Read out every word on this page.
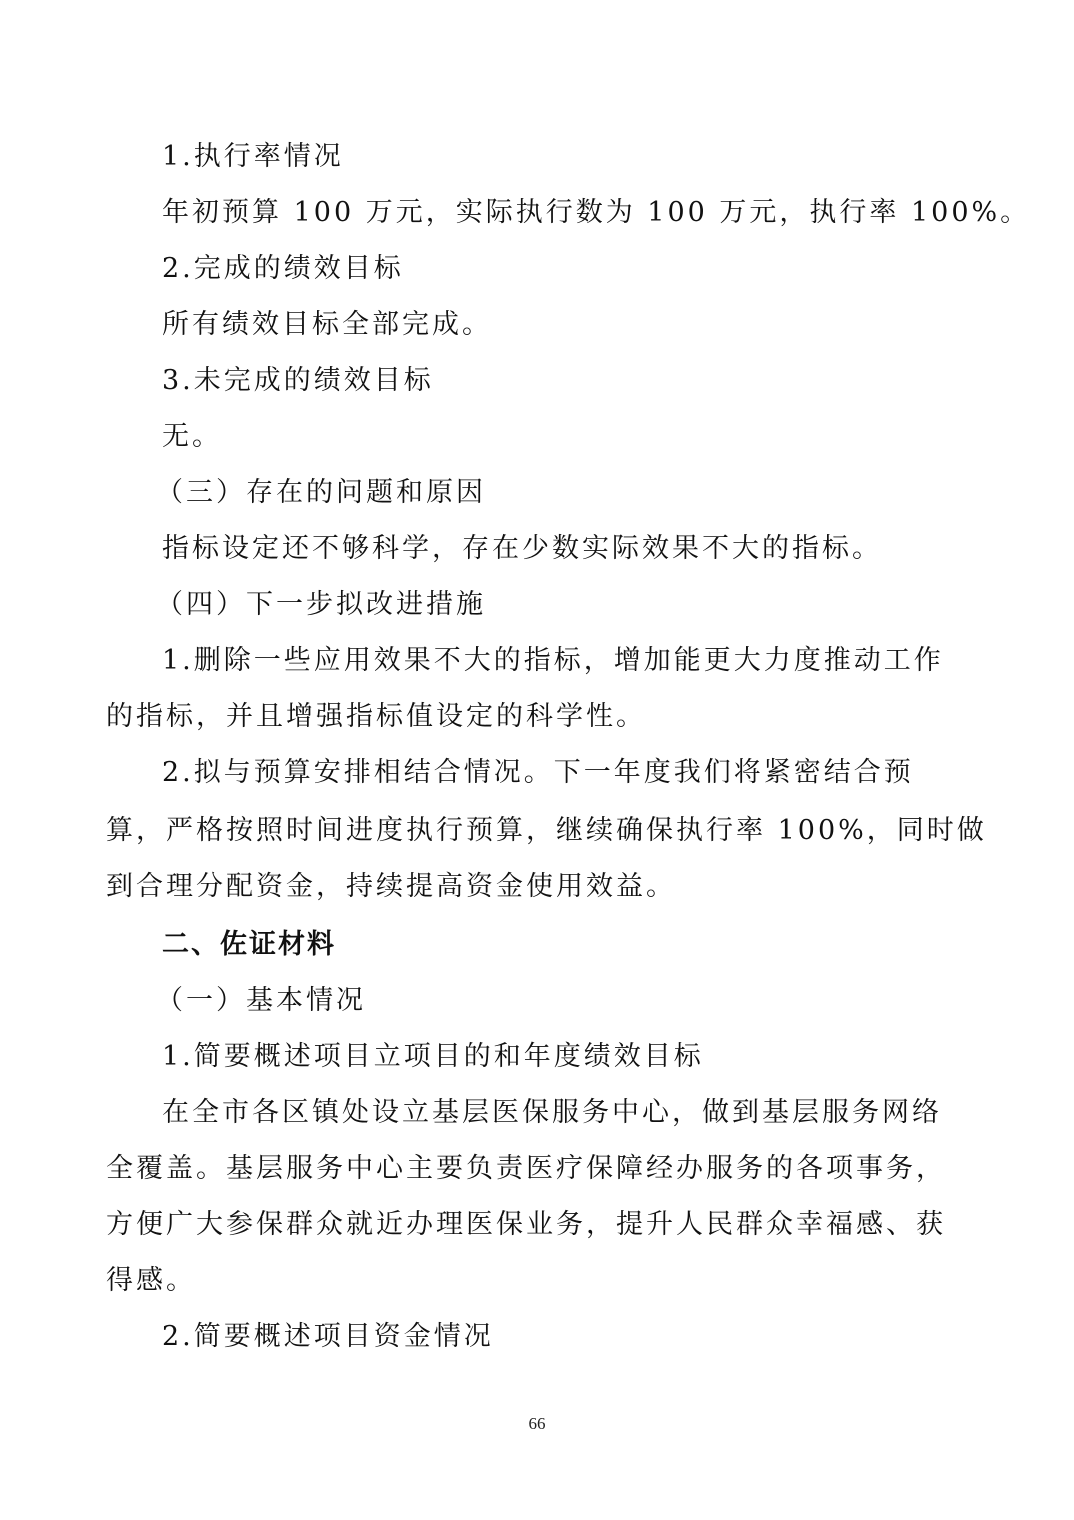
1.执行率情况
年初预算 100 万元，实际执行数为 100 万元，执行率 100%。
2.完成的绩效目标
所有绩效目标全部完成。
3.未完成的绩效目标
无。
（三）存在的问题和原因
指标设定还不够科学，存在少数实际效果不大的指标。
（四）下一步拟改进措施
1.删除一些应用效果不大的指标，增加能更大力度推动工作
的指标，并且增强指标值设定的科学性。
2.拟与预算安排相结合情况。下一年度我们将紧密结合预
算，严格按照时间进度执行预算，继续确保执行率 100%，同时做
到合理分配资金，持续提高资金使用效益。
二、佐证材料
（一）基本情况
1.简要概述项目立项目的和年度绩效目标
在全市各区镇处设立基层医保服务中心，做到基层服务网络
全覆盖。基层服务中心主要负责医疗保障经办服务的各项事务，
方便广大参保群众就近办理医保业务，提升人民群众幸福感、获
得感。
2.简要概述项目资金情况
66
